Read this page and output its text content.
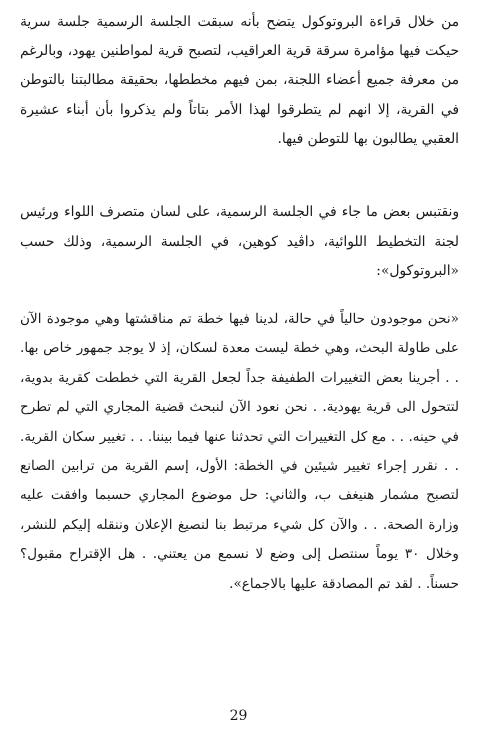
من خلال قراءة البروتوكول يتضح بأنه سبقت الجلسة الرسمية جلسة سرية حيكت فيها مؤامرة سرقة قرية العراقيب، لتصبح قرية لمواطنين يهود، وبالرغم من معرفة جميع أعضاء اللجنة، بمن فيهم مخططها، بحقيقة مطالبتنا بالتوطن في القرية، إلا انهم لم يتطرقوا لهذا الأمر بتاتاً ولم يذكروا بأن أبناء عشيرة العقبي يطالبون بها للتوطن فيها.

ونقتبس بعض ما جاء في الجلسة الرسمية، على لسان متصرف اللواء ورئيس لجنة التخطيط اللوائية، داڤيد كوهين، في الجلسة الرسمية، وذلك حسب «البروتوكول»:

«نحن موجودون حالياً في حالة، لدينا فيها خطة تم مناقشتها وهي موجودة الآن على طاولة البحث، وهي خطة ليست معدة لسكان، إذ لا يوجد جمهور خاص بها. . . أجرينا بعض التغييرات الطفيفة جداً لجعل القرية التي خططت كقرية بدوية، لتتحول الى قرية يهودية. . نحن نعود الآن لنبحث قضية المجاري التي لم تطرح في حينه. . . مع كل التغييرات التي تحدثنا عنها فيما بيننا. . . تغيير سكان القرية. . . نقرر إجراء تغيير شيئين في الخطة: الأول، إسم القرية من ترابين الصانع لتصبح مشمار هنيغف ب، والثاني: حل موضوع المجاري حسبما وافقت عليه وزارة الصحة. . . والآن كل شيء مرتبط بنا لنصيغ الإعلان وننقله إليكم للنشر، وخلال ٣٠ يوماً سنتصل إلى وضع لا نسمع من يعتني. . هل الإقتراح مقبول؟ حسناً. . لقد تم المصادقة عليها بالاجماع».

29
